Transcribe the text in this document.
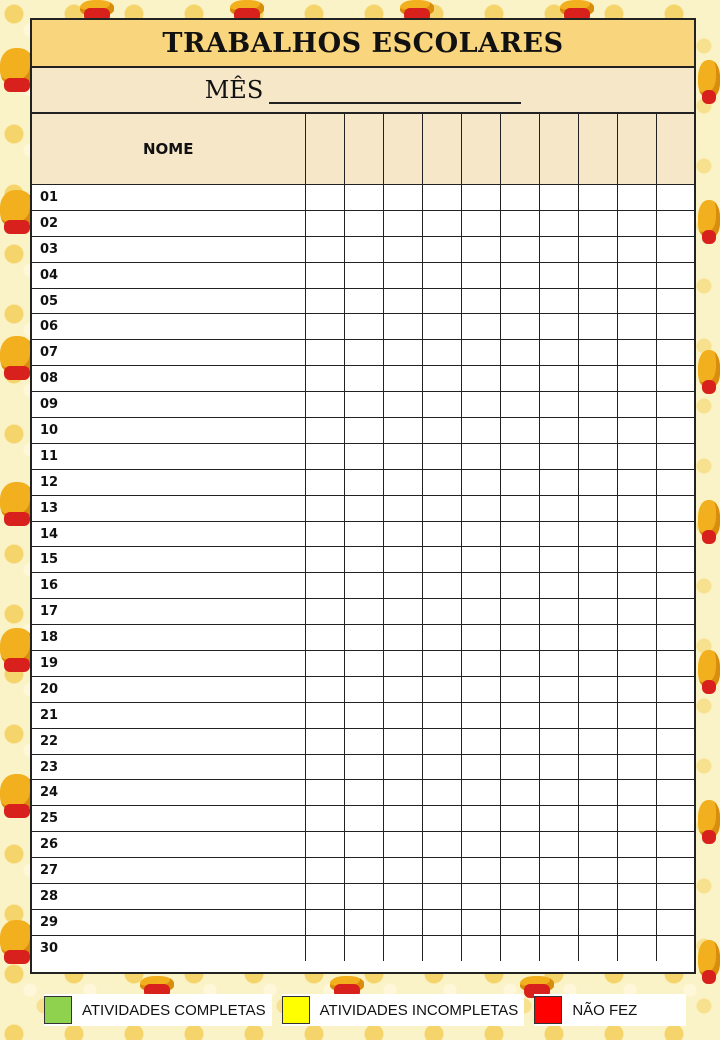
TRABALHOS ESCOLARES
MÊS
NOME										
01										
02										
03										
04										
05										
06										
07										
08										
09										
10										
11										
12										
13										
14										
15										
16										
17										
18										
19										
20										
21										
22										
23										
24										
25										
26										
27										
28										
29										
30										
ATIVIDADES COMPLETAS	ATIVIDADES INCOMPLETAS	NÃO FEZ
